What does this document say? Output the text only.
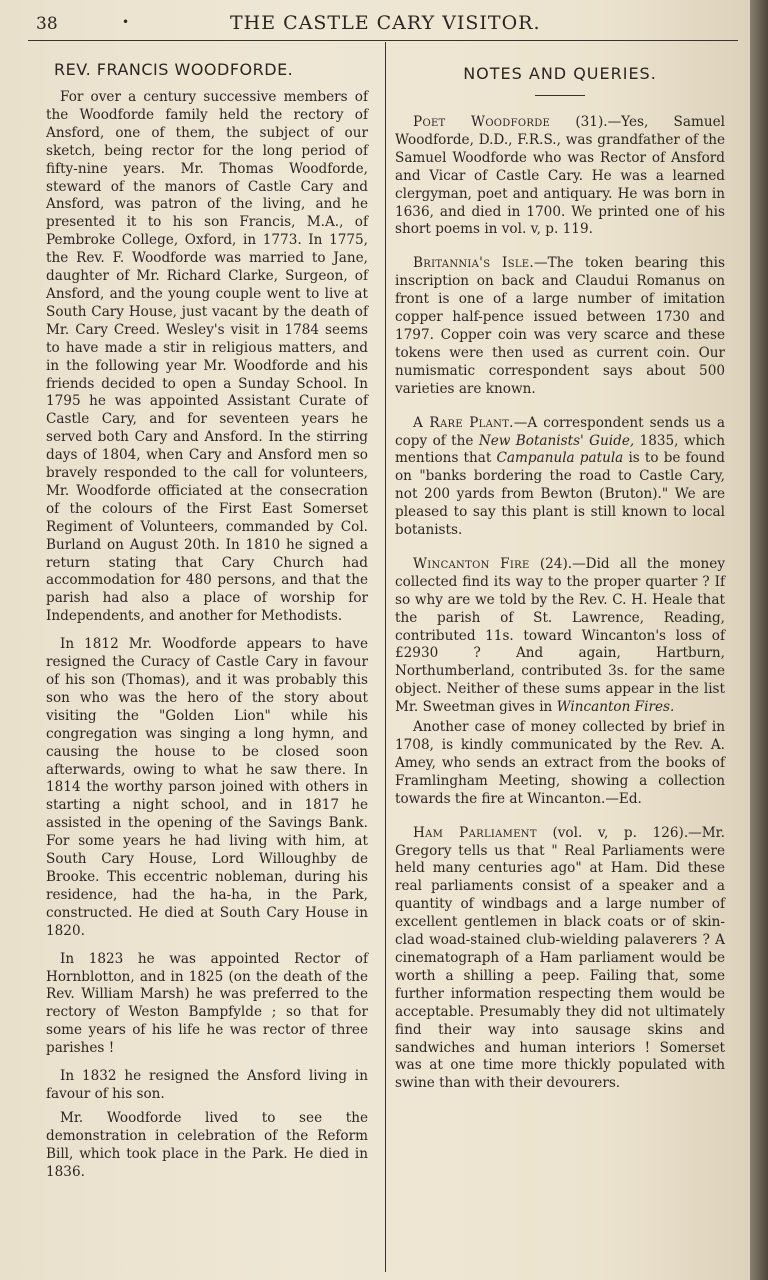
38	•	THE CASTLE CARY VISITOR.
REV. FRANCIS WOODFORDE.

For over a century successive members of the Woodforde family held the rectory of Ansford, one of them, the subject of our sketch, being rector for the long period of fifty-nine years. Mr. Thomas Woodforde, steward of the manors of Castle Cary and Ansford, was patron of the living, and he presented it to his son Francis, M.A., of Pembroke College, Oxford, in 1773. In 1775, the Rev. F. Woodforde was married to Jane, daughter of Mr. Richard Clarke, Surgeon, of Ansford, and the young couple went to live at South Cary House, just vacant by the death of Mr. Cary Creed. Wesley's visit in 1784 seems to have made a stir in religious matters, and in the following year Mr. Woodforde and his friends decided to open a Sunday School. In 1795 he was appointed Assistant Curate of Castle Cary, and for seventeen years he served both Cary and Ansford. In the stirring days of 1804, when Cary and Ansford men so bravely responded to the call for volunteers, Mr. Woodforde officiated at the consecration of the colours of the First East Somerset Regiment of Volunteers, commanded by Col. Burland on August 20th. In 1810 he signed a return stating that Cary Church had accommodation for 480 persons, and that the parish had also a place of worship for Independents, and another for Methodists.

In 1812 Mr. Woodforde appears to have resigned the Curacy of Castle Cary in favour of his son (Thomas), and it was probably this son who was the hero of the story about visiting the "Golden Lion" while his congregation was singing a long hymn, and causing the house to be closed soon afterwards, owing to what he saw there. In 1814 the worthy parson joined with others in starting a night school, and in 1817 he assisted in the opening of the Savings Bank. For some years he had living with him, at South Cary House, Lord Willoughby de Brooke. This eccentric nobleman, during his residence, had the ha-ha, in the Park, constructed. He died at South Cary House in 1820.

In 1823 he was appointed Rector of Hornblotton, and in 1825 (on the death of the Rev. William Marsh) he was preferred to the rectory of Weston Bampfylde ; so that for some years of his life he was rector of three parishes !

In 1832 he resigned the Ansford living in favour of his son.

Mr. Woodforde lived to see the demonstration in celebration of the Reform Bill, which took place in the Park. He died in 1836.

NOTES AND QUERIES.

Poet Woodforde (31).—Yes, Samuel Woodforde, D.D., F.R.S., was grandfather of the Samuel Woodforde who was Rector of Ansford and Vicar of Castle Cary. He was a learned clergyman, poet and antiquary. He was born in 1636, and died in 1700. We printed one of his short poems in vol. v, p. 119.

Britannia's Isle.—The token bearing this inscription on back and Claudui Romanus on front is one of a large number of imitation copper half-pence issued between 1730 and 1797. Copper coin was very scarce and these tokens were then used as current coin. Our numismatic correspondent says about 500 varieties are known.

A Rare Plant.—A correspondent sends us a copy of the New Botanists' Guide, 1835, which mentions that Campanula patula is to be found on "banks bordering the road to Castle Cary, not 200 yards from Bewton (Bruton)." We are pleased to say this plant is still known to local botanists.

Wincanton Fire (24).—Did all the money collected find its way to the proper quarter ? If so why are we told by the Rev. C. H. Heale that the parish of St. Lawrence, Reading, contributed 11s. toward Wincanton's loss of £2930 ? And again, Hartburn, Northumberland, contributed 3s. for the same object. Neither of these sums appear in the list Mr. Sweetman gives in Wincanton Fires.

Another case of money collected by brief in 1708, is kindly communicated by the Rev. A. Amey, who sends an extract from the books of Framlingham Meeting, showing a collection towards the fire at Wincanton.—Ed.

Ham Parliament (vol. v, p. 126).—Mr. Gregory tells us that " Real Parliaments were held many centuries ago" at Ham. Did these real parliaments consist of a speaker and a quantity of windbags and a large number of excellent gentlemen in black coats or of skin-clad woad-stained club-wielding palaverers ? A cinematograph of a Ham parliament would be worth a shilling a peep. Failing that, some further information respecting them would be acceptable. Presumably they did not ultimately find their way into sausage skins and sandwiches and human interiors ! Somerset was at one time more thickly populated with swine than with their devourers.
